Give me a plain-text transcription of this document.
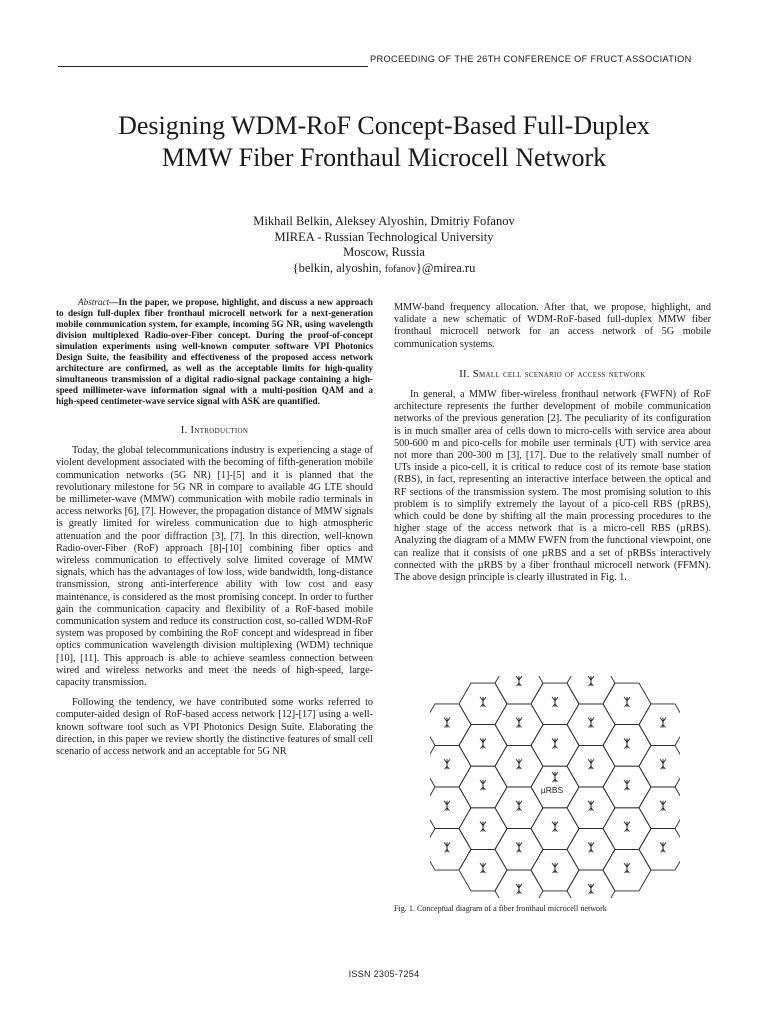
PROCEEDING OF THE 26TH CONFERENCE OF FRUCT ASSOCIATION
Designing WDM-RoF Concept-Based Full-Duplex
MMW Fiber Fronthaul Microcell Network
Mikhail Belkin, Aleksey Alyoshin, Dmitriy Fofanov
MIREA - Russian Technological University
Moscow, Russia
{belkin, alyoshin, fofanov}@mirea.ru

Abstract—In the paper, we propose, highlight, and discuss a new approach to design full-duplex fiber fronthaul microcell network for a next-generation mobile communication system, for example, incoming 5G NR, using wavelength division multiplexed Radio-over-Fiber concept. During the proof-of-concept simulation experiments using well-known computer software VPI Photonics Design Suite, the feasibility and effectiveness of the proposed access network architecture are confirmed, as well as the acceptable limits for high-quality simultaneous transmission of a digital radio-signal package containing a high-speed millimeter-wave information signal with a multi-position QAM and a high-speed centimeter-wave service signal with ASK are quantified.

I. Introduction

Today, the global telecommunications industry is experiencing a stage of violent development associated with the becoming of fifth-generation mobile communication networks (5G NR) [1]-[5] and it is planned that the revolutionary milestone for 5G NR in compare to available 4G LTE should be millimeter-wave (MMW) communication with mobile radio terminals in access networks [6], [7]. However, the propagation distance of MMW signals is greatly limited for wireless communication due to high atmospheric attenuation and the poor diffraction [3], [7]. In this direction, well-known Radio-over-Fiber (RoF) approach [8]-[10] combining fiber optics and wireless communication to effectively solve limited coverage of MMW signals, which has the advantages of low loss, wide bandwidth, long-distance transmission, strong anti-interference ability with low cost and easy maintenance, is considered as the most promising concept. In order to further gain the communication capacity and flexibility of a RoF-based mobile communication system and reduce its construction cost, so-called WDM-RoF system was proposed by combining the RoF concept and widespread in fiber optics communication wavelength division multiplexing (WDM) technique [10], [11]. This approach is able to achieve seamless connection between wired and wireless networks and meet the needs of high-speed, large-capacity transmission.

Following the tendency, we have contributed some works referred to computer-aided design of RoF-based access network [12]-[17] using a well-known software tool such as VPI Photonics Design Suite. Elaborating the direction, in this paper we review shortly the distinctive features of small cell scenario of access network and an acceptable for 5G NR

MMW-band frequency allocation. After that, we propose, highlight, and validate a new schematic of WDM-RoF-based full-duplex MMW fiber fronthaul microcell network for an access network of 5G mobile communication systems.

II. Small cell scenario of access network

In general, a MMW fiber-wireless fronthaul network (FWFN) of RoF architecture represents the further development of mobile communication networks of the previous generation [2]. The peculiarity of its configuration is in much smaller area of cells down to micro-cells with service area about 500-600 m and pico-cells for mobile user terminals (UT) with service area not more than 200-300 m [3], [17]. Due to the relatively small number of UTs inside a pico-cell, it is critical to reduce cost of its remote base station (RBS), in fact, representing an interactive interface between the optical and RF sections of the transmission system. The most promising solution to this problem is to simplify extremely the layout of a pico-cell RBS (pRBS), which could be done by shifting all the main processing procedures to the higher stage of the access network that is a micro-cell RBS (µRBS). Analyzing the diagram of a MMW FWFN from the functional viewpoint, one can realize that it consists of one µRBS and a set of pRBSs interactively connected with the µRBS by a fiber fronthaul microcell network (FFMN). The above design principle is clearly illustrated in Fig. 1.

µRBS
Fig. 1. Conceptual diagram of a fiber fronthaul microcell network
ISSN 2305-7254
